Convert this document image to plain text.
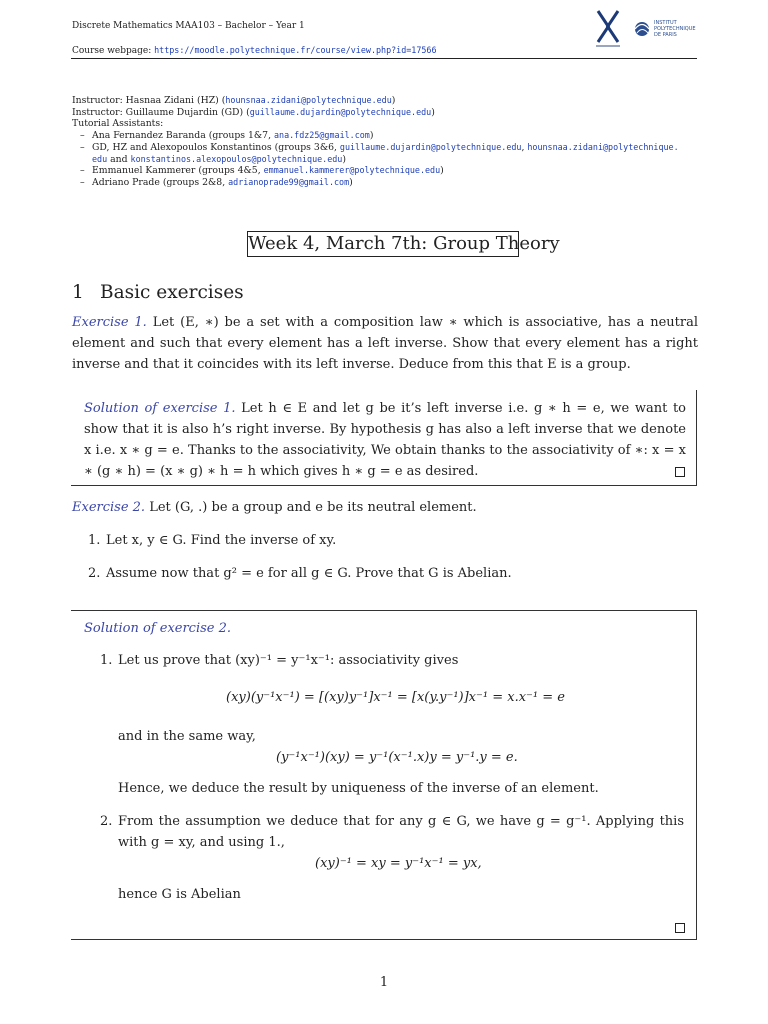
Discrete Mathematics MAA103 – Bachelor – Year 1
Course webpage: https://moodle.polytechnique.fr/course/view.php?id=17566
INSTITUT
POLYTECHNIQUE
DE PARIS
Instructor: Hasnaa Zidani (HZ) (hounsnaa.zidani@polytechnique.edu)
Instructor: Guillaume Dujardin (GD) (guillaume.dujardin@polytechnique.edu)
Tutorial Assistants:
– Ana Fernandez Baranda (groups 1&7, ana.fdz25@gmail.com)
– GD, HZ and Alexopoulos Konstantinos (groups 3&6, guillaume.dujardin@polytechnique.edu, hounsnaa.zidani@polytechnique.
edu and konstantinos.alexopoulos@polytechnique.edu)
– Emmanuel Kammerer (groups 4&5, emmanuel.kammerer@polytechnique.edu)
– Adriano Prade (groups 2&8, adrianoprade99@gmail.com)
Week 4, March 7th: Group Theory
1 Basic exercises
Exercise 1. Let (E, ∗) be a set with a composition law ∗ which is associative, has a neutral element and such that every element has a left inverse. Show that every element has a right inverse and that it coincides with its left inverse. Deduce from this that E is a group.
Solution of exercise 1. Let h ∈ E and let g be it’s left inverse i.e. g ∗ h = e, we want to show that it is also h’s right inverse. By hypothesis g has also a left inverse that we denote x i.e. x ∗ g = e. Thanks to the associativity, We obtain thanks to the associativity of ∗: x = x ∗ (g ∗ h) = (x ∗ g) ∗ h = h which gives h ∗ g = e as desired.
Exercise 2. Let (G, .) be a group and e be its neutral element.
1. Let x, y ∈ G. Find the inverse of xy.
2. Assume now that g² = e for all g ∈ G. Prove that G is Abelian.
Solution of exercise 2.
1. Let us prove that (xy)⁻¹ = y⁻¹x⁻¹: associativity gives
(xy)(y⁻¹x⁻¹) = [(xy)y⁻¹]x⁻¹ = [x(y.y⁻¹)]x⁻¹ = x.x⁻¹ = e
and in the same way,
(y⁻¹x⁻¹)(xy) = y⁻¹(x⁻¹.x)y = y⁻¹.y = e.
Hence, we deduce the result by uniqueness of the inverse of an element.
2. From the assumption we deduce that for any g ∈ G, we have g = g⁻¹. Applying this with g = xy, and using 1.,
(xy)⁻¹ = xy = y⁻¹x⁻¹ = yx,
hence G is Abelian
1
